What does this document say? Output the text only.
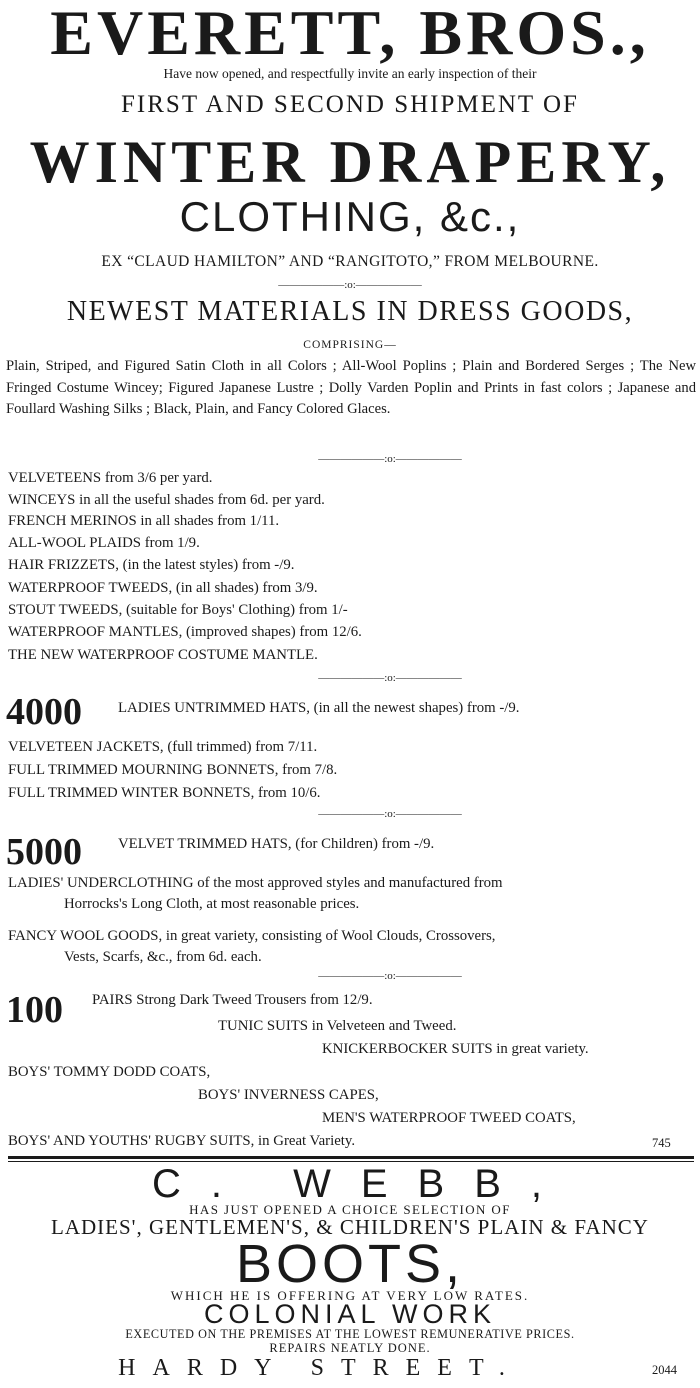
EVERETT, BROS.,
Have now opened, and respectfully invite an early inspection of their
FIRST AND SECOND SHIPMENT OF
WINTER DRAPERY,
CLOTHING, &c.,
EX “CLAUD HAMILTON” AND “RANGITOTO,” FROM MELBOURNE.
——————:o:——————
NEWEST MATERIALS IN DRESS GOODS,
COMPRISING—
Plain, Striped, and Figured Satin Cloth in all Colors ; All-Wool Poplins ; Plain and Bordered Serges ; The New Fringed Costume Wincey; Figured Japanese Lustre ; Dolly Varden Poplin and Prints in fast colors ; Japanese and Foullard Washing Silks ; Black, Plain, and Fancy Colored Glaces.
——————:o:——————
VELVETEENS from 3/6 per yard.
WINCEYS in all the useful shades from 6d. per yard.
FRENCH MERINOS in all shades from 1/11.
ALL-WOOL PLAIDS from 1/9.
HAIR FRIZZETS, (in the latest styles) from -/9.
WATERPROOF TWEEDS, (in all shades) from 3/9.
STOUT TWEEDS, (suitable for Boys' Clothing) from 1/-
WATERPROOF MANTLES, (improved shapes) from 12/6.
THE NEW WATERPROOF COSTUME MANTLE.
——————:o:——————
4000 LADIES UNTRIMMED HATS, (in all the newest shapes) from -/9.
VELVETEEN JACKETS, (full trimmed) from 7/11.
FULL TRIMMED MOURNING BONNETS, from 7/8.
FULL TRIMMED WINTER BONNETS, from 10/6.
——————:o:——————
5000 VELVET TRIMMED HATS, (for Children) from -/9.
LADIES' UNDERCLOTHING of the most approved styles and manufactured from
Horrocks's Long Cloth, at most reasonable prices.
FANCY WOOL GOODS, in great variety, consisting of Wool Clouds, Crossovers,
Vests, Scarfs, &c., from 6d. each.
——————:o:——————
100 PAIRS Strong Dark Tweed Trousers from 12/9.
TUNIC SUITS in Velveteen and Tweed.
KNICKERBOCKER SUITS in great variety.
BOYS' TOMMY DODD COATS,
BOYS' INVERNESS CAPES,
MEN'S WATERPROOF TWEED COATS,
BOYS' AND YOUTHS' RUGBY SUITS, in Great Variety.	745
C. WEBB,
HAS JUST OPENED A CHOICE SELECTION OF
LADIES', GENTLEMEN'S, & CHILDREN'S PLAIN & FANCY
BOOTS,
WHICH HE IS OFFERING AT VERY LOW RATES.
COLONIAL WORK
EXECUTED ON THE PREMISES AT THE LOWEST REMUNERATIVE PRICES.
REPAIRS NEATLY DONE.
HARDY STREET.	2044
